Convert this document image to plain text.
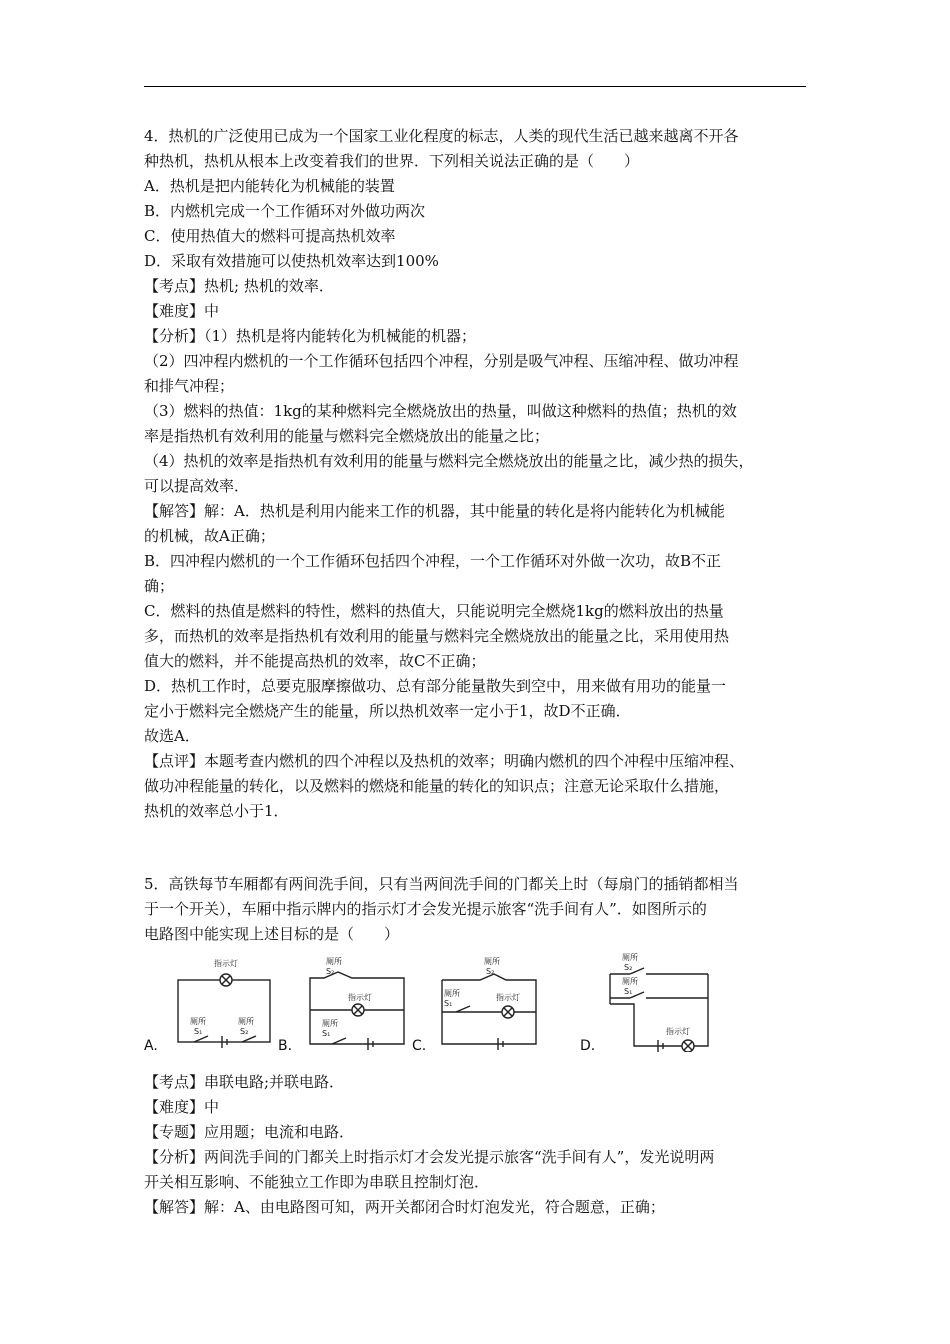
4．热机的广泛使用已成为一个国家工业化程度的标志，人类的现代生活已越来越离不开各
种热机，热机从根本上改变着我们的世界．下列相关说法正确的是（　　）
A．热机是把内能转化为机械能的装置
B．内燃机完成一个工作循环对外做功两次
C．使用热值大的燃料可提高热机效率
D．采取有效措施可以使热机效率达到100%
【考点】热机; 热机的效率．
【难度】中
【分析】（1）热机是将内能转化为机械能的机器；
（2）四冲程内燃机的一个工作循环包括四个冲程，分别是吸气冲程、压缩冲程、做功冲程
和排气冲程；
（3）燃料的热值：1kg的某种燃料完全燃烧放出的热量，叫做这种燃料的热值；热机的效
率是指热机有效利用的能量与燃料完全燃烧放出的能量之比；
（4）热机的效率是指热机有效利用的能量与燃料完全燃烧放出的能量之比，减少热的损失，
可以提高效率．
【解答】解：A．热机是利用内能来工作的机器，其中能量的转化是将内能转化为机械能
的机械，故A正确；
B．四冲程内燃机的一个工作循环包括四个冲程，一个工作循环对外做一次功，故B不正
确；
C．燃料的热值是燃料的特性，燃料的热值大，只能说明完全燃烧1kg的燃料放出的热量
多，而热机的效率是指热机有效利用的能量与燃料完全燃烧放出的能量之比，采用使用热
值大的燃料，并不能提高热机的效率，故C不正确；
D．热机工作时，总要克服摩擦做功、总有部分能量散失到空中，用来做有用功的能量一
定小于燃料完全燃烧产生的能量，所以热机效率一定小于1，故D不正确．
故选A．
【点评】本题考查内燃机的四个冲程以及热机的效率；明确内燃机的四个冲程中压缩冲程、
做功冲程能量的转化，以及燃料的燃烧和能量的转化的知识点；注意无论采取什么措施，
热机的效率总小于1．
5．高铁每节车厢都有两间洗手间，只有当两间洗手间的门都关上时（每扇门的插销都相当
于一个开关），车厢中指示牌内的指示灯才会发光提示旅客“洗手间有人”．如图所示的
电路图中能实现上述目标的是（　　）
A.
指示灯
厕所
S₁
厕所
S₂
B.
厕所
S₂
指示灯
厕所
S₁
C.
厕所
S₂
厕所
S₁
指示灯
D.
厕所
S₂
厕所
S₁
指示灯
【考点】串联电路;并联电路．
【难度】中
【专题】应用题；电流和电路．
【分析】两间洗手间的门都关上时指示灯才会发光提示旅客“洗手间有人”，发光说明两
开关相互影响、不能独立工作即为串联且控制灯泡．
【解答】解：A、由电路图可知，两开关都闭合时灯泡发光，符合题意，正确；
